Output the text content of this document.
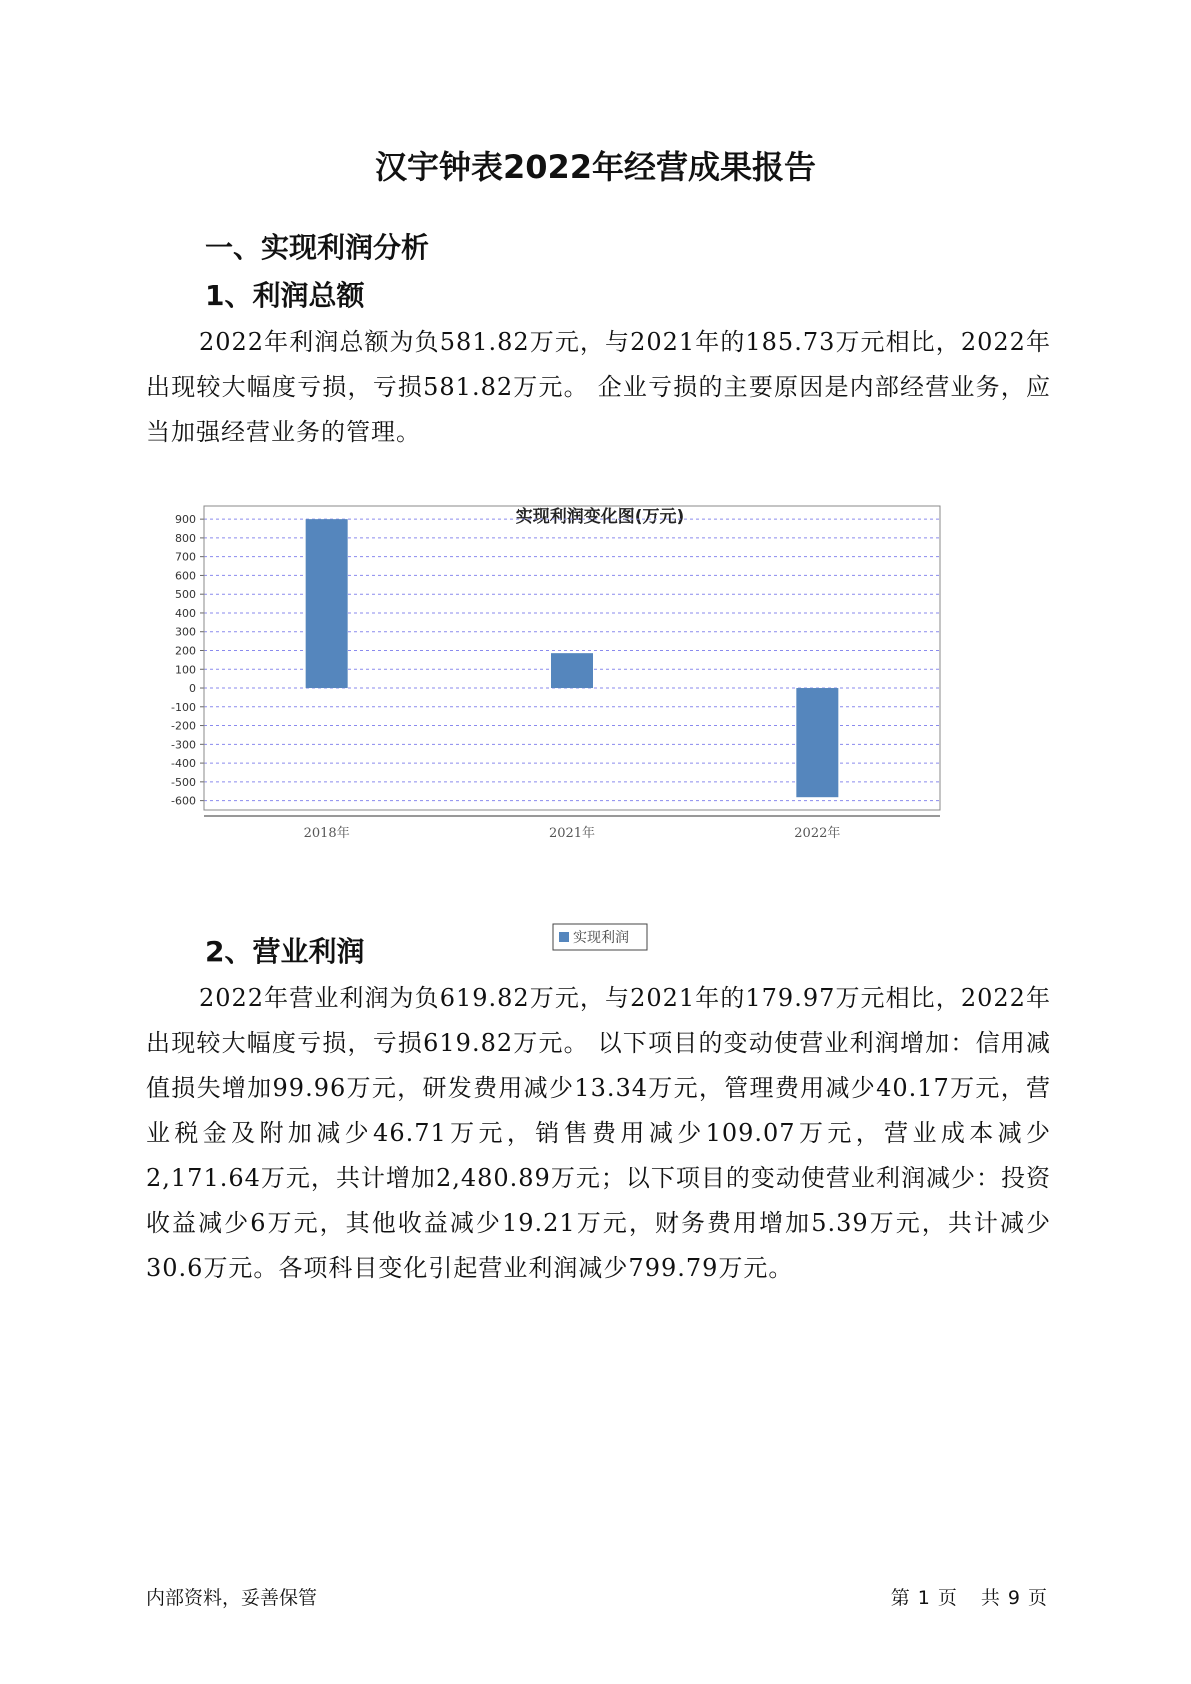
汉宇钟表2022年经营成果报告
一、实现利润分析
1、利润总额

2022年利润总额为负581.82万元，与2021年的185.73万元相比，2022年出现较大幅度亏损，亏损581.82万元。 企业亏损的主要原因是内部经营业务，应当加强经营业务的管理。

实现利润变化图(万元)
900
800
700
600
500
400
300
200
100
0
-100
-200
-300
-400
-500
-600
2018年	2021年	2022年
实现利润
2、营业利润

2022年营业利润为负619.82万元，与2021年的179.97万元相比，2022年出现较大幅度亏损，亏损619.82万元。 以下项目的变动使营业利润增加：信用减值损失增加99.96万元，研发费用减少13.34万元，管理费用减少40.17万元，营业税金及附加减少46.71万元，销售费用减少109.07万元，营业成本减少2,171.64万元，共计增加2,480.89万元；以下项目的变动使营业利润减少：投资收益减少6万元，其他收益减少19.21万元，财务费用增加5.39万元，共计减少30.6万元。各项科目变化引起营业利润减少799.79万元。

内部资料，妥善保管	第 1 页 共 9 页
